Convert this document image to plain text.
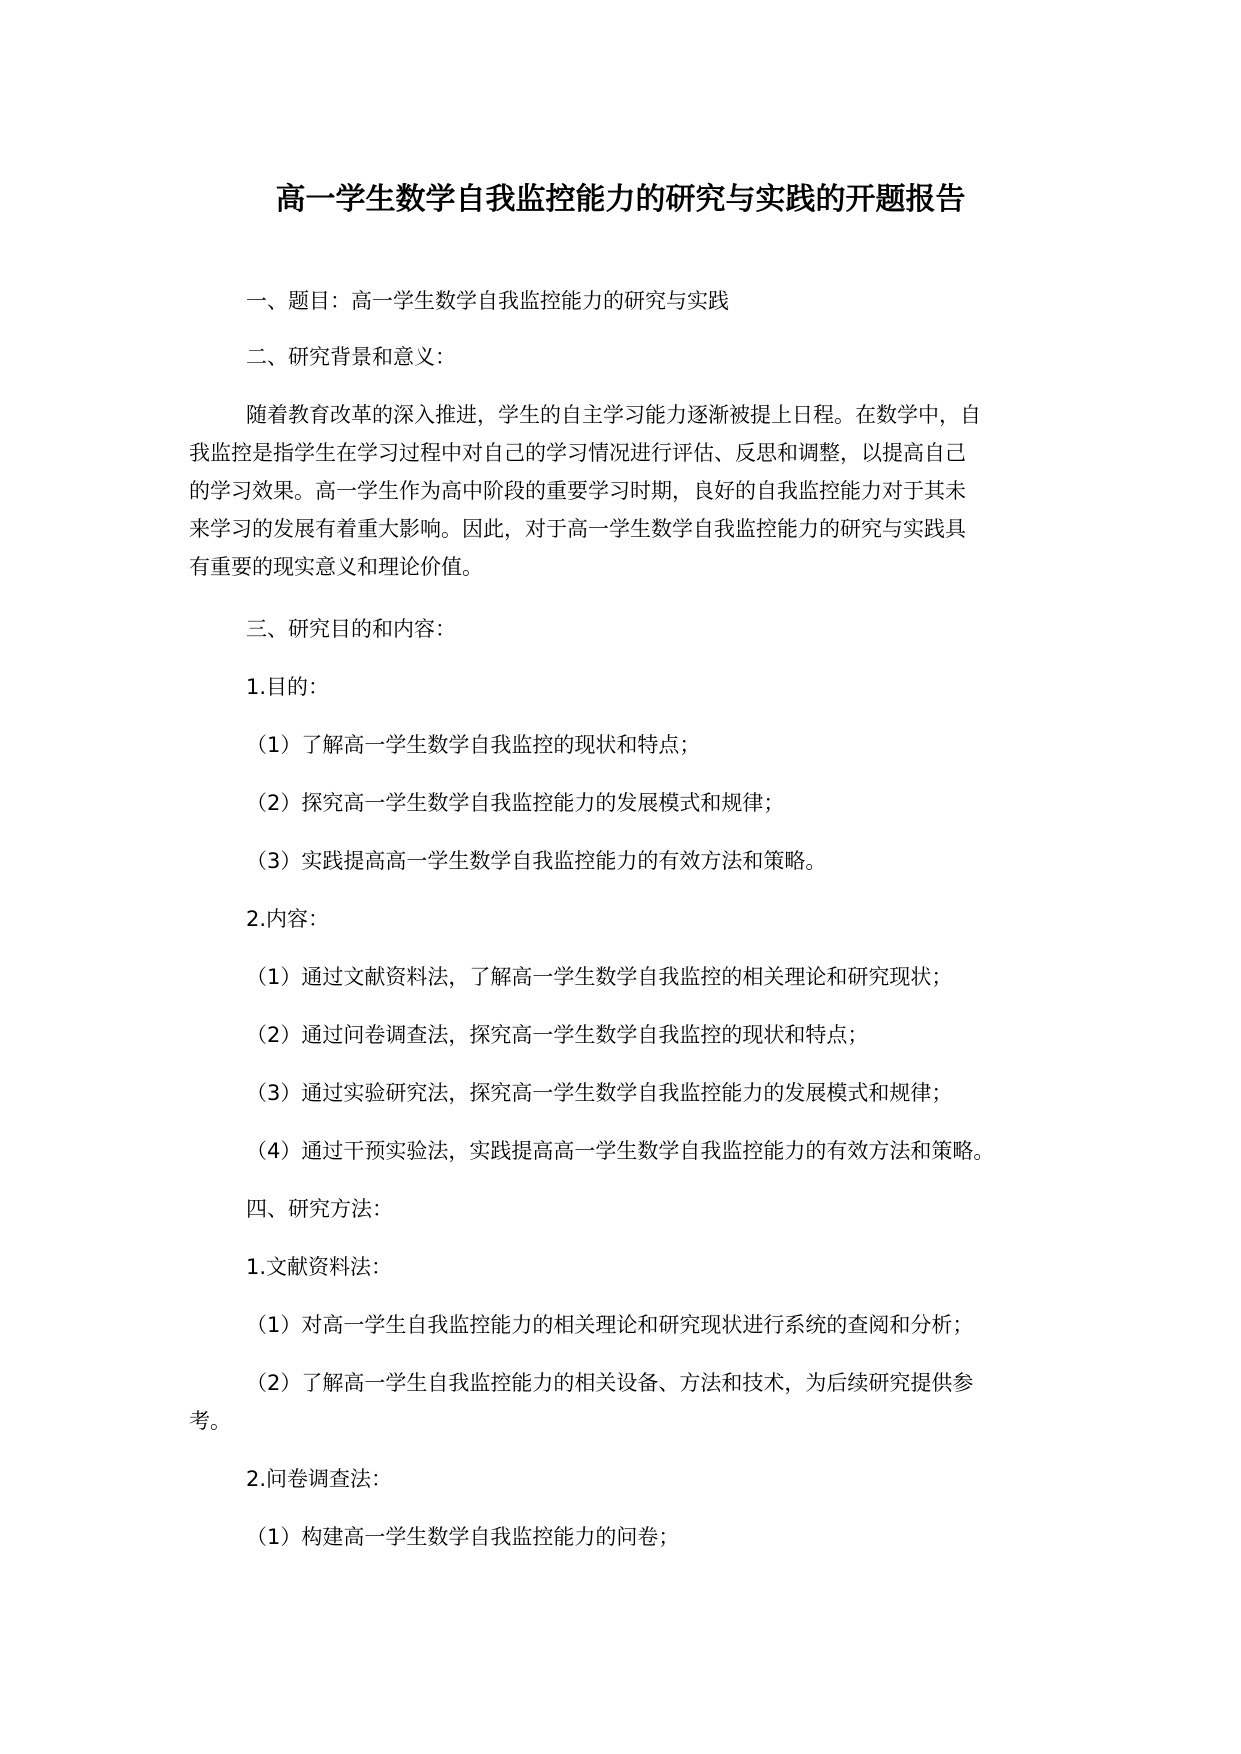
高一学生数学自我监控能力的研究与实践的开题报告

一、题目：高一学生数学自我监控能力的研究与实践

二、研究背景和意义：

随着教育改革的深入推进，学生的自主学习能力逐渐被提上日程。在数学中，自

我监控是指学生在学习过程中对自己的学习情况进行评估、反思和调整，以提高自己

的学习效果。高一学生作为高中阶段的重要学习时期，良好的自我监控能力对于其未

来学习的发展有着重大影响。因此，对于高一学生数学自我监控能力的研究与实践具

有重要的现实意义和理论价值。

三、研究目的和内容：

1.目的：

（1）了解高一学生数学自我监控的现状和特点；

（2）探究高一学生数学自我监控能力的发展模式和规律；

（3）实践提高高一学生数学自我监控能力的有效方法和策略。

2.内容：

（1）通过文献资料法，了解高一学生数学自我监控的相关理论和研究现状；

（2）通过问卷调查法，探究高一学生数学自我监控的现状和特点；

（3）通过实验研究法，探究高一学生数学自我监控能力的发展模式和规律；

（4）通过干预实验法，实践提高高一学生数学自我监控能力的有效方法和策略。

四、研究方法：

1.文献资料法：

（1）对高一学生自我监控能力的相关理论和研究现状进行系统的查阅和分析；

（2）了解高一学生自我监控能力的相关设备、方法和技术，为后续研究提供参

考。

2.问卷调查法：

（1）构建高一学生数学自我监控能力的问卷；
